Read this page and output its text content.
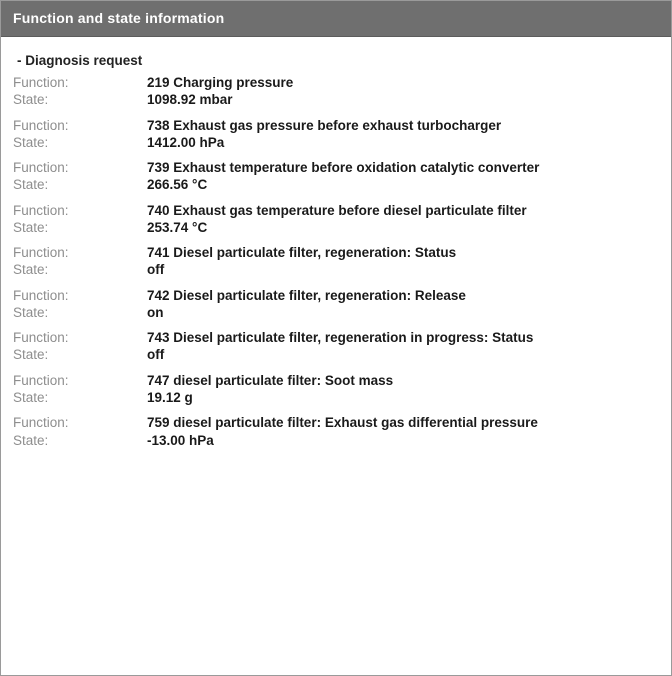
Function and state information
- Diagnosis request
Function:	219 Charging pressure
State:	1098.92 mbar

Function:	738 Exhaust gas pressure before exhaust turbocharger
State:	1412.00 hPa

Function:	739 Exhaust temperature before oxidation catalytic converter
State:	266.56 °C

Function:	740 Exhaust gas temperature before diesel particulate filter
State:	253.74 °C

Function:	741 Diesel particulate filter, regeneration: Status
State:	off

Function:	742 Diesel particulate filter, regeneration: Release
State:	on

Function:	743 Diesel particulate filter, regeneration in progress: Status
State:	off

Function:	747 diesel particulate filter: Soot mass
State:	19.12 g

Function:	759 diesel particulate filter: Exhaust gas differential pressure
State:	-13.00 hPa
